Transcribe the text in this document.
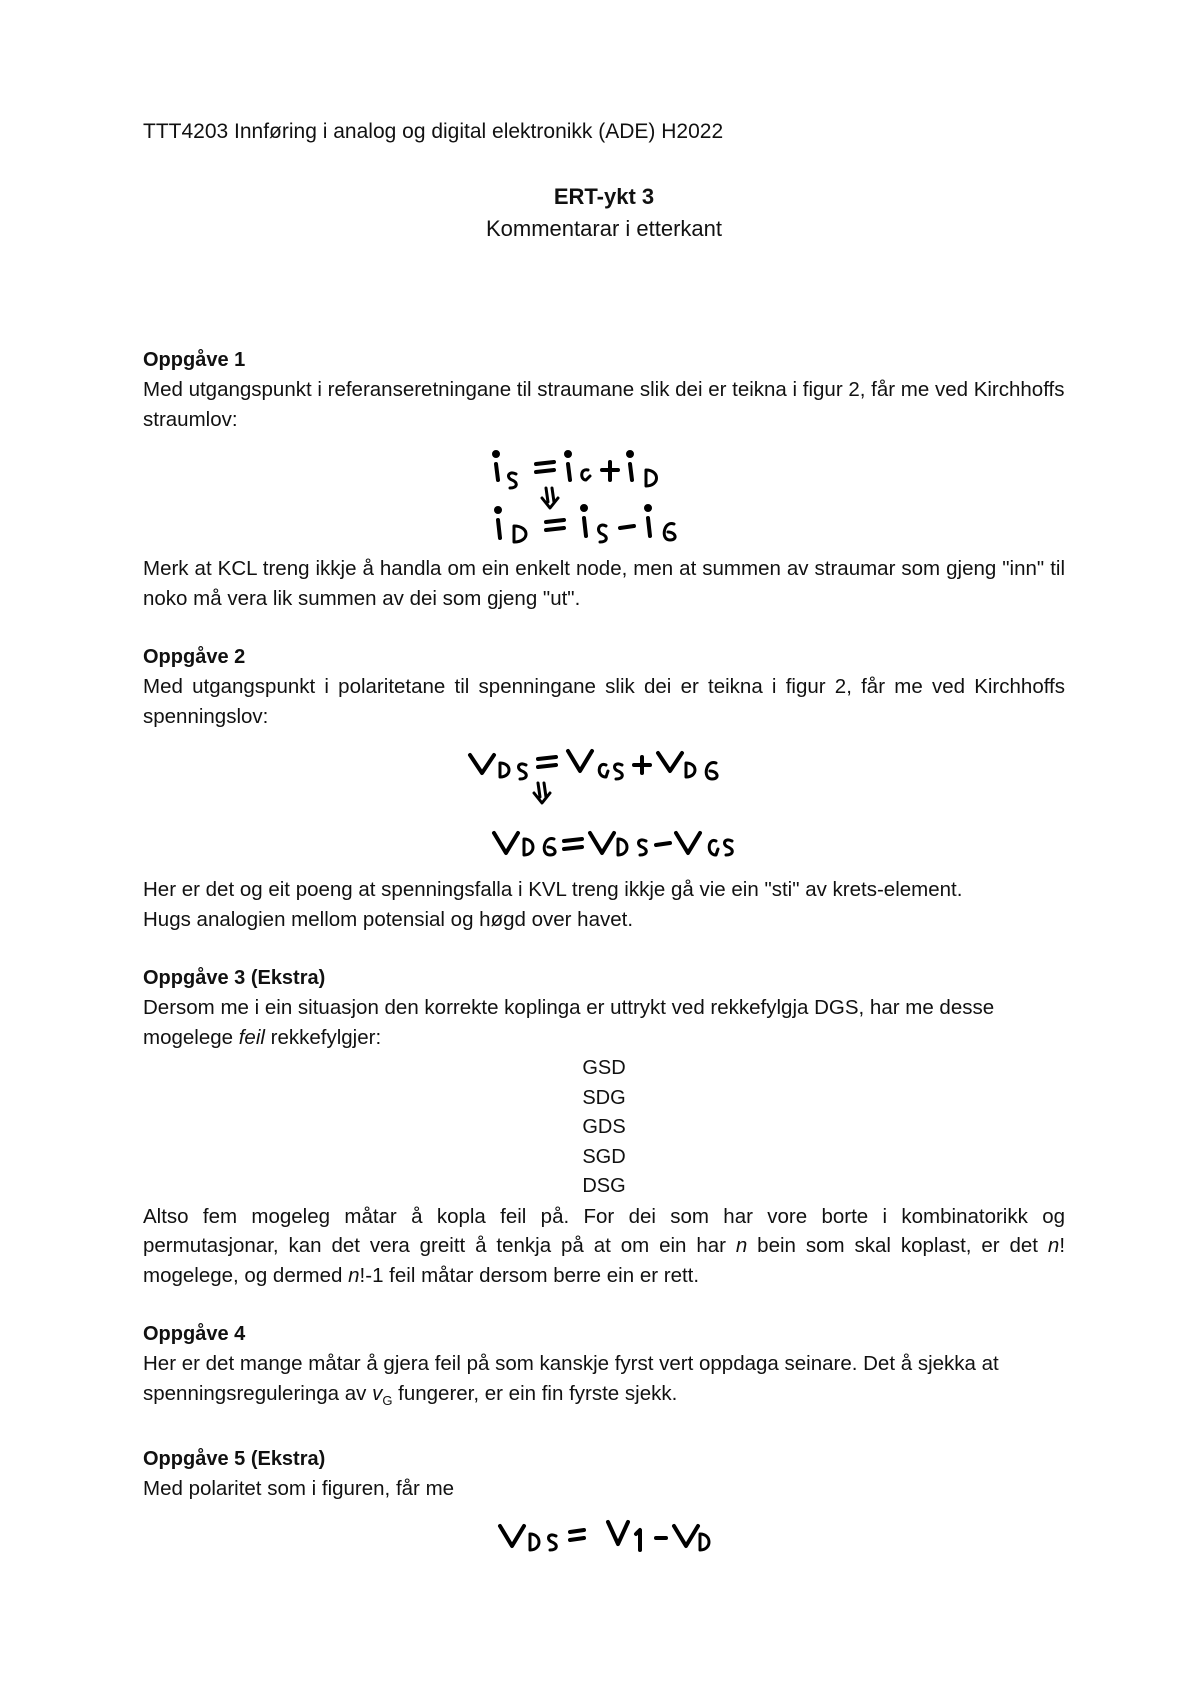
TTT4203 Innføring i analog og digital elektronikk (ADE) H2022

ERT-ykt 3
Kommentarar i etterkant
Oppgåve 1

Med utgangspunkt i referanseretningane til straumane slik dei er teikna i figur 2, får me ved Kirchhoffs straumlov:

Merk at KCL treng ikkje å handla om ein enkelt node, men at summen av straumar som gjeng "inn" til noko må vera lik summen av dei som gjeng "ut".

Oppgåve 2

Med utgangspunkt i polaritetane til spenningane slik dei er teikna i figur 2, får me ved Kirchhoffs spenningslov:

Her er det og eit poeng at spenningsfalla i KVL treng ikkje gå vie ein "sti" av krets-element.

Hugs analogien mellom potensial og høgd over havet.

Oppgåve 3 (Ekstra)

Dersom me i ein situasjon den korrekte koplinga er uttrykt ved rekkefylgja DGS, har me desse

mogelege feil rekkefylgjer:

GSD
SDG
GDS
SGD
DSG

Altso fem mogeleg måtar å kopla feil på. For dei som har vore borte i kombinatorikk og permutasjonar, kan det vera greitt å tenkja på at om ein har n bein som skal koplast, er det n! mogelege, og dermed n!-1 feil måtar dersom berre ein er rett.

Oppgåve 4

Her er det mange måtar å gjera feil på som kanskje fyrst vert oppdaga seinare. Det å sjekka at spenningsreguleringa av $v_G$ fungerer, er ein fin fyrste sjekk.

Oppgåve 5 (Ekstra)

Med polaritet som i figuren, får me
